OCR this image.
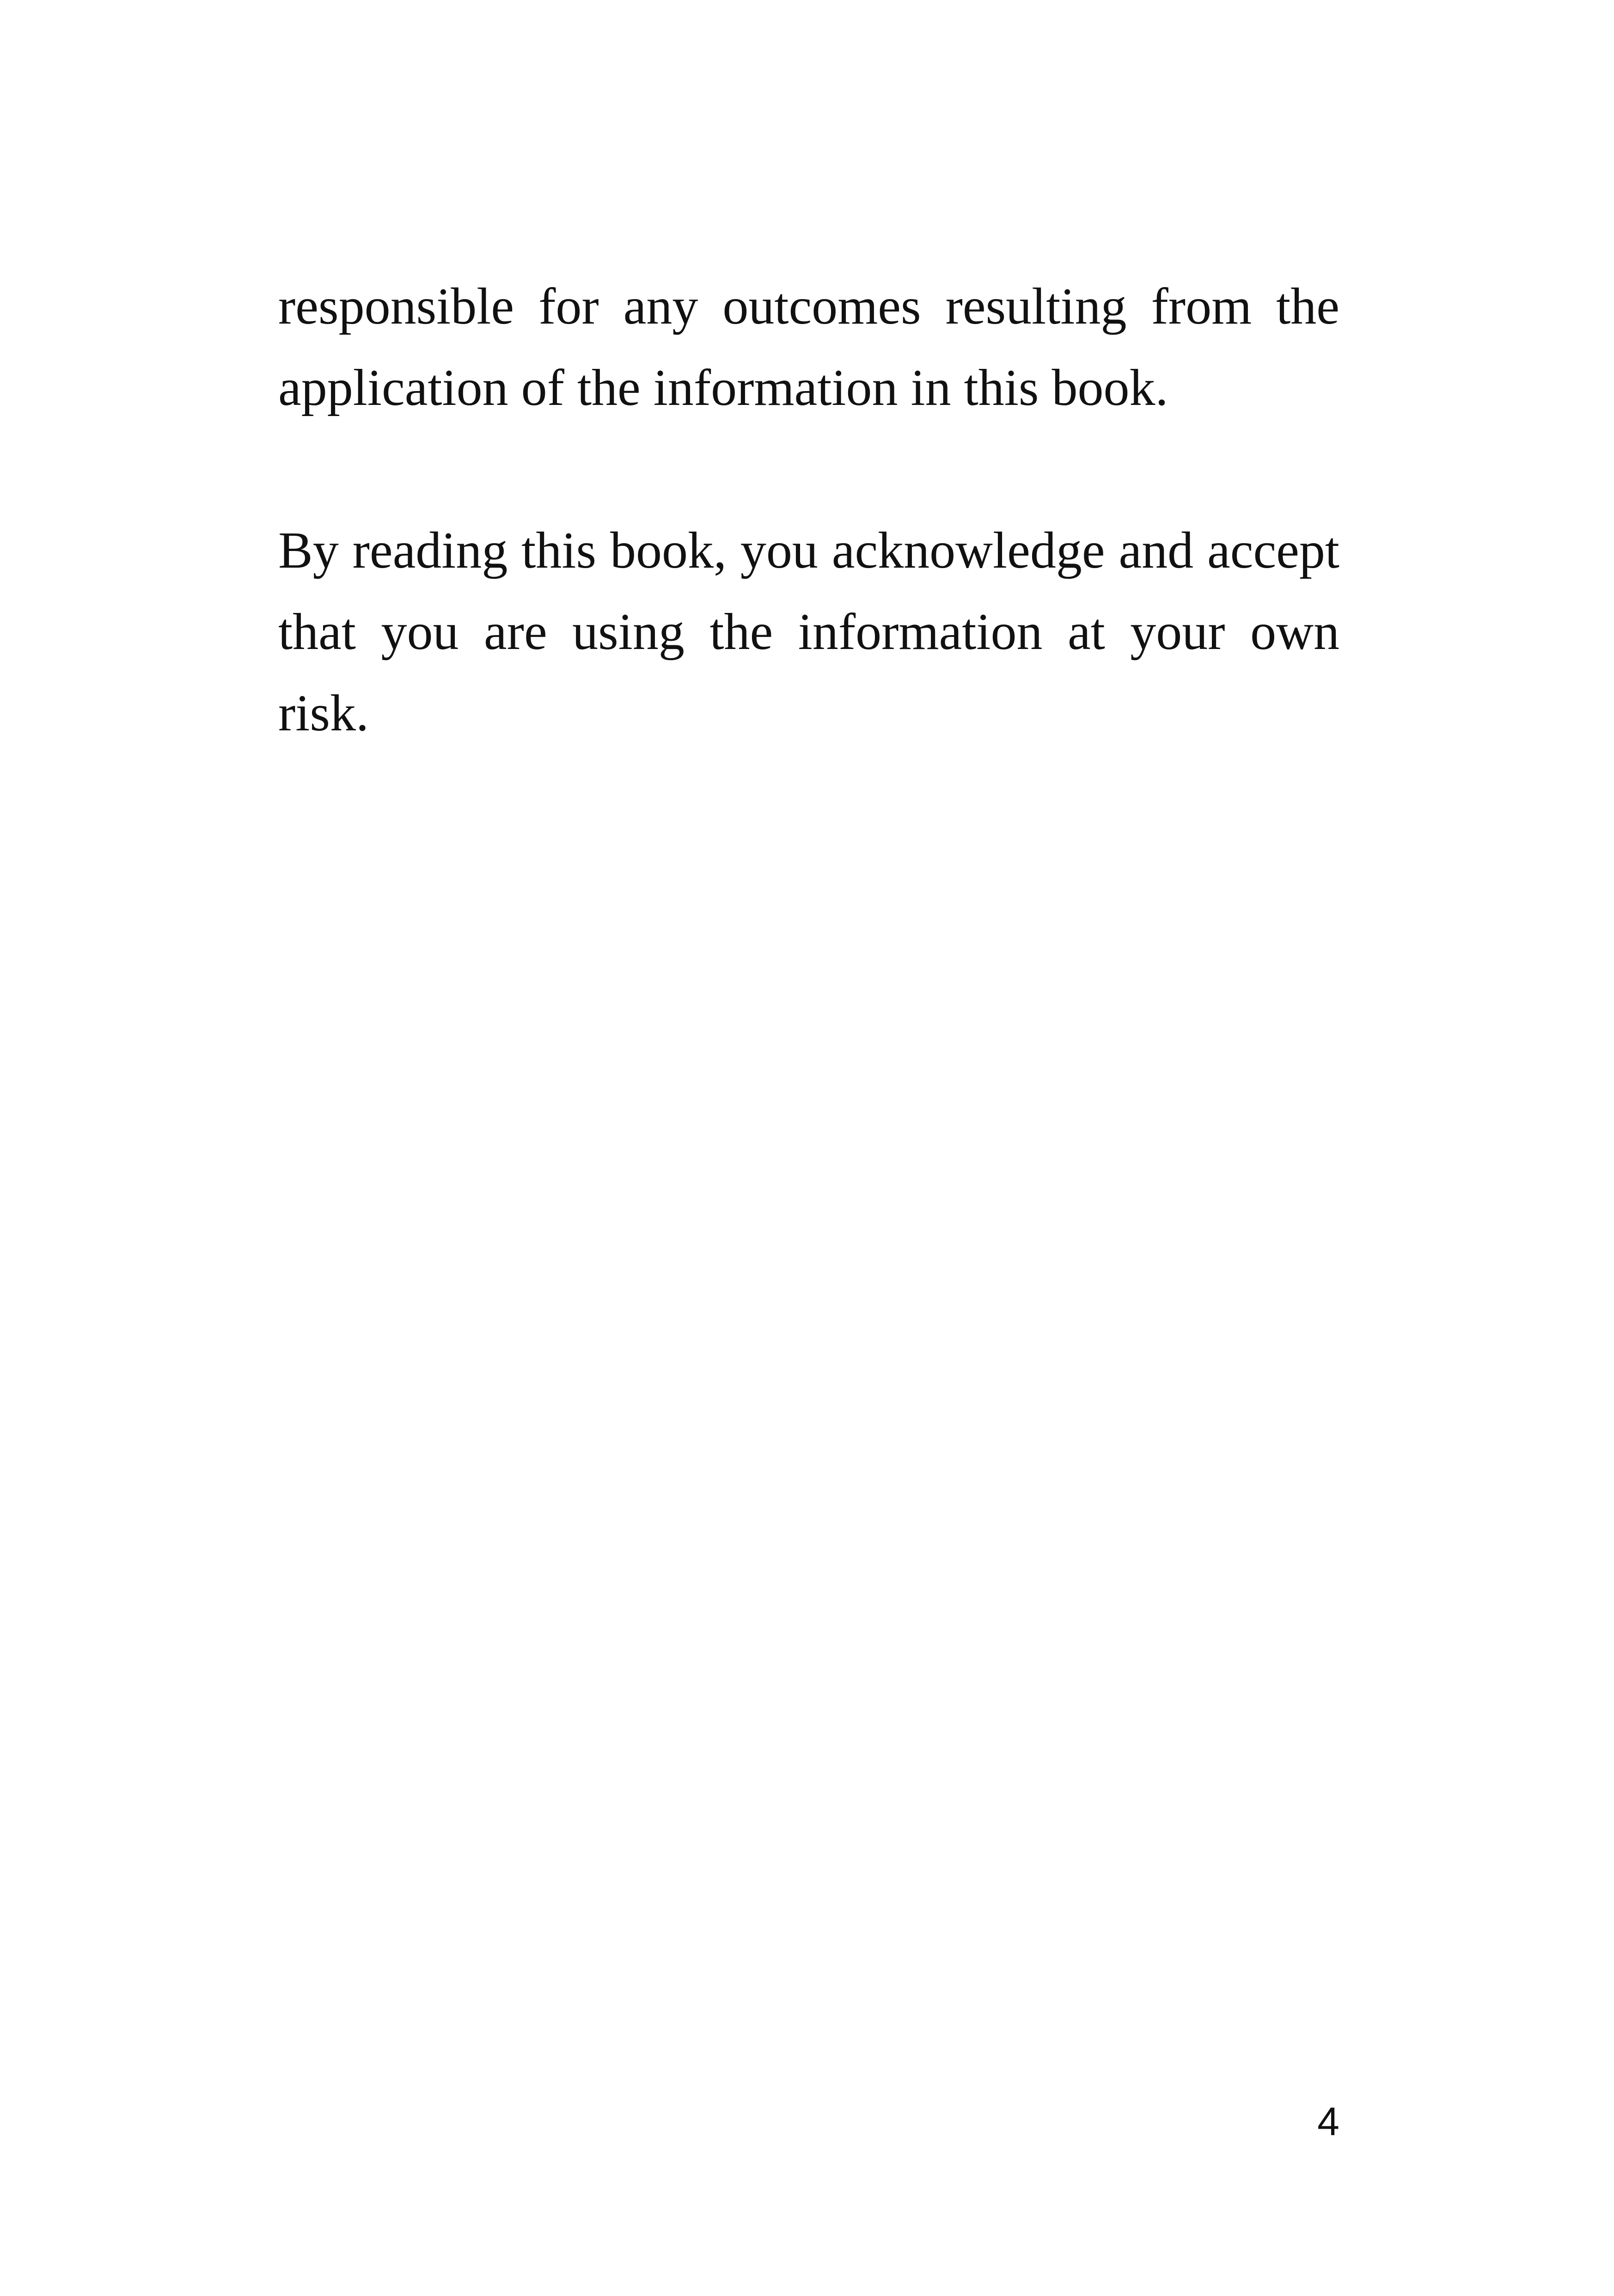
responsible for any outcomes resulting from the application of the information in this book.

By reading this book, you acknowledge and accept that you are using the information at your own risk.

4
